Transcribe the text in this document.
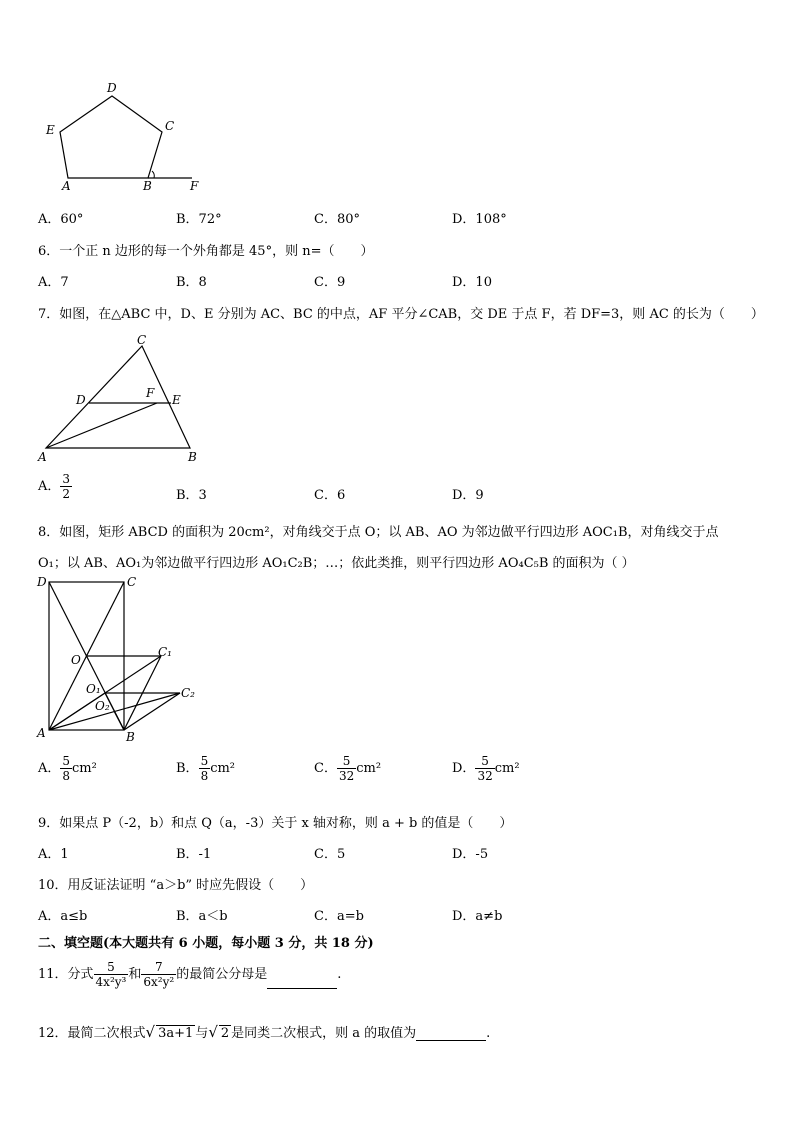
A	B
C
D
E
F
A．60°	B．72°	C．80°	D．108°
6．一个正 n 边形的每一个外角都是 45°，则 n=（　　）
A．7	B．8	C．9	D．10
7．如图，在△ABC 中，D、E 分别为 AC、BC 的中点，AF 平分∠CAB，交 DE 于点 F，若 DF=3，则 AC 的长为（　　）
A	B
C
D	E
F
A． $\frac{3}{2}$	B．3	C．6	D．9
8．如图，矩形 ABCD 的面积为 20cm²，对角线交于点 O；以 AB、AO 为邻边做平行四边形 AOC₁B，对角线交于点
O₁；以 AB、AO₁为邻边做平行四边形 AO₁C₂B；…；依此类推，则平行四边形 AO₄C₅B 的面积为（ ）
D	C
O
O₁
O₂
C₁
C₂
A	B
A． $\frac{5}{8} cm^2$	B． $\frac{5}{8} cm^2$	C． $\frac{5}{32} cm^2$	D． $\frac{5}{32} cm^2$
9．如果点 P（-2，b）和点 Q（a，-3）关于 x 轴对称，则 a + b 的值是（　　）
A．1	B．-1	C．5	D．-5
10．用反证法证明 “a＞b” 时应先假设（　　）
A．a≤b	B．a＜b	C．a=b	D．a≠b
二、填空题(本大题共有 6 小题，每小题 3 分，共 18 分)
11．分式 $\frac{5}{\text{4x²y³}}$ 和 $\frac{7}{\text{6x²y²}}$ 的最简公分母是	.
12．最简二次根式√ 3a+1 与√ 2 是同类二次根式，则 a 的取值为	.
